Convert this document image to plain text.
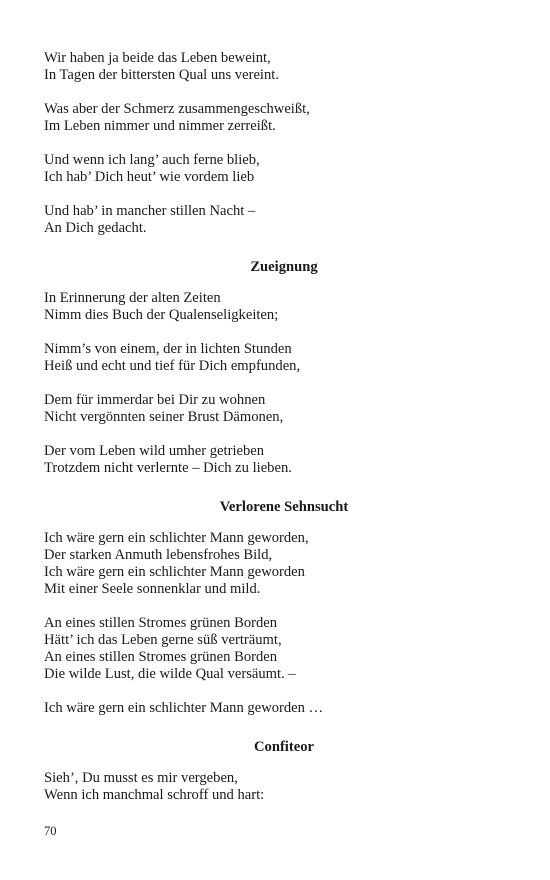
Wir haben ja beide das Leben beweint,
In Tagen der bittersten Qual uns vereint.
Was aber der Schmerz zusammengeschweißt,
Im Leben nimmer und nimmer zerreißt.
Und wenn ich lang’ auch ferne blieb,
Ich hab’ Dich heut’ wie vordem lieb
Und hab’ in mancher stillen Nacht –
An Dich gedacht.
Zueignung
In Erinnerung der alten Zeiten
Nimm dies Buch der Qualenseligkeiten;
Nimm’s von einem, der in lichten Stunden
Heiß und echt und tief für Dich empfunden,
Dem für immerdar bei Dir zu wohnen
Nicht vergönnten seiner Brust Dämonen,
Der vom Leben wild umher getrieben
Trotzdem nicht verlernte – Dich zu lieben.
Verlorene Sehnsucht
Ich wäre gern ein schlichter Mann geworden,
Der starken Anmuth lebensfrohes Bild,
Ich wäre gern ein schlichter Mann geworden
Mit einer Seele sonnenklar und mild.
An eines stillen Stromes grünen Borden
Hätt’ ich das Leben gerne süß verträumt,
An eines stillen Stromes grünen Borden
Die wilde Lust, die wilde Qual versäumt. –
Ich wäre gern ein schlichter Mann geworden …
Confiteor
Sieh’, Du musst es mir vergeben,
Wenn ich manchmal schroff und hart:
70
